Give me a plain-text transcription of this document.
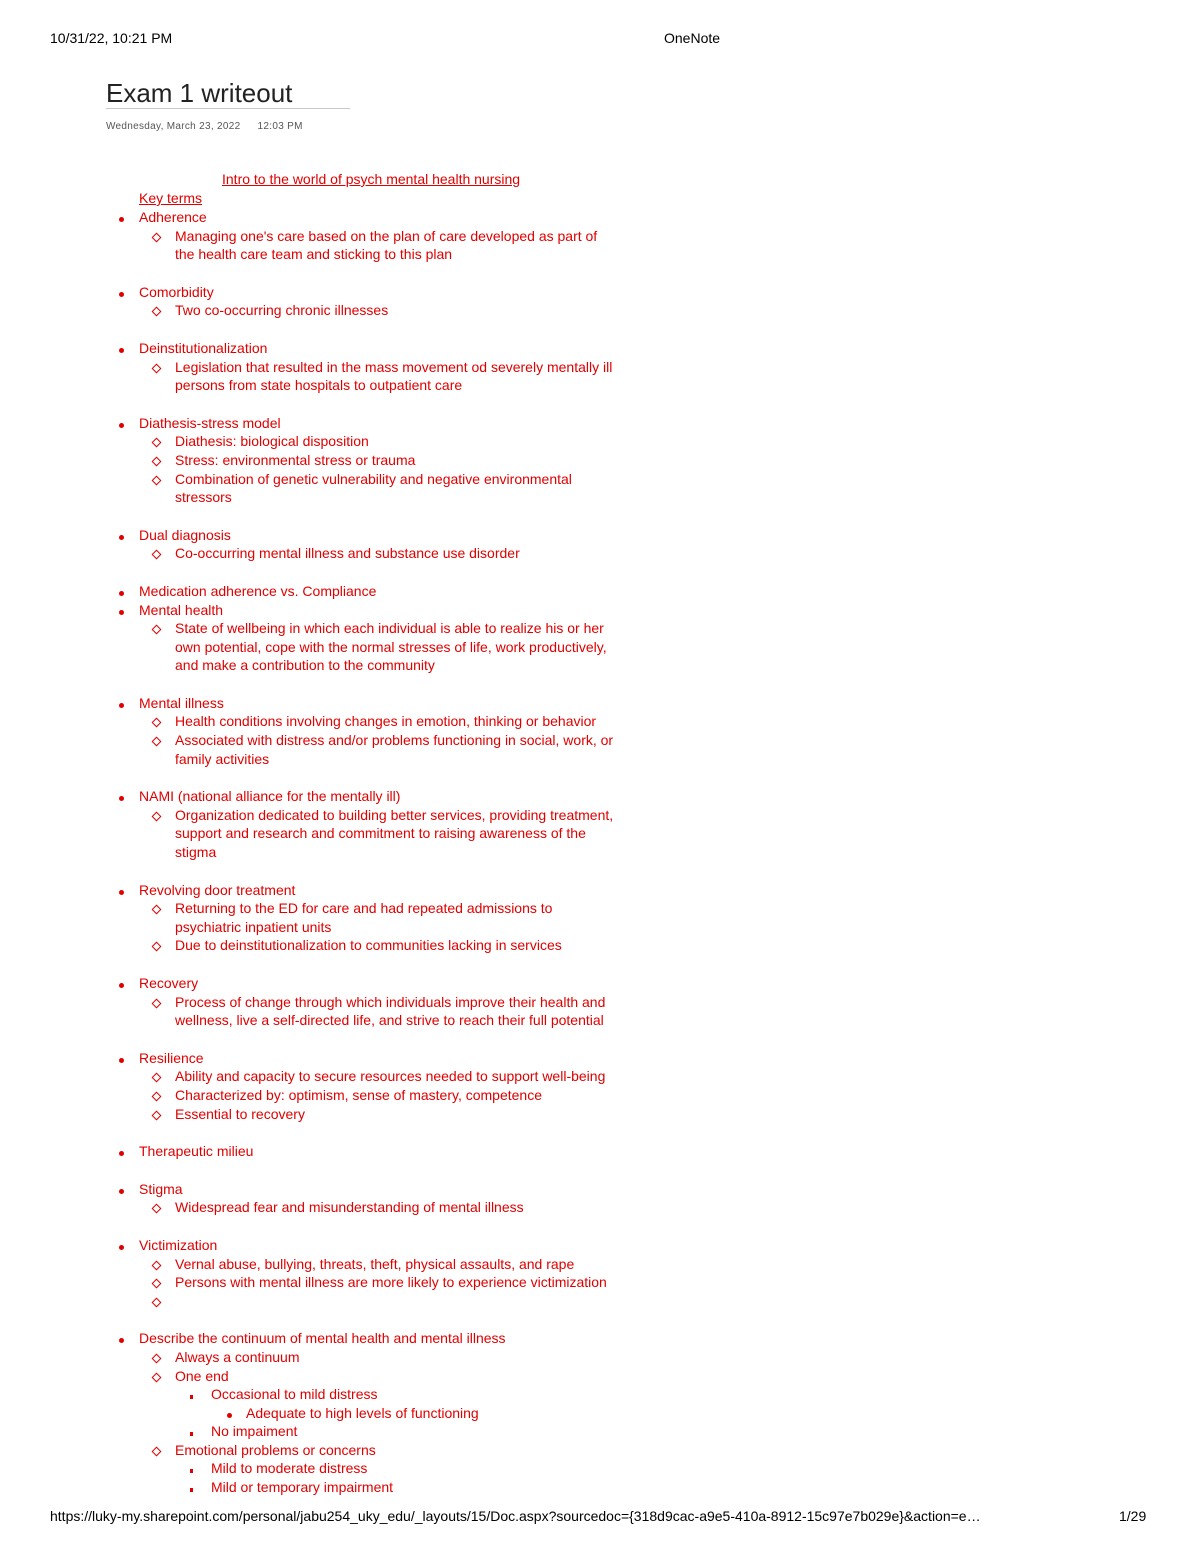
10/31/22, 10:21 PM	OneNote
Exam 1 writeout
Wednesday, March 23, 2022 12:03 PM
Intro to the world of psych mental health nursing
Key terms
Adherence
Managing one's care based on the plan of care developed as part of
the health care team and sticking to this plan
Comorbidity
Two co-occurring chronic illnesses
Deinstitutionalization
Legislation that resulted in the mass movement od severely mentally ill
persons from state hospitals to outpatient care
Diathesis-stress model
Diathesis: biological disposition
Stress: environmental stress or trauma
Combination of genetic vulnerability and negative environmental
stressors
Dual diagnosis
Co-occurring mental illness and substance use disorder
Medication adherence vs. Compliance
Mental health
State of wellbeing in which each individual is able to realize his or her
own potential, cope with the normal stresses of life, work productively,
and make a contribution to the community
Mental illness
Health conditions involving changes in emotion, thinking or behavior
Associated with distress and/or problems functioning in social, work, or
family activities
NAMI (national alliance for the mentally ill)
Organization dedicated to building better services, providing treatment,
support and research and commitment to raising awareness of the
stigma
Revolving door treatment
Returning to the ED for care and had repeated admissions to
psychiatric inpatient units
Due to deinstitutionalization to communities lacking in services
Recovery
Process of change through which individuals improve their health and
wellness, live a self-directed life, and strive to reach their full potential
Resilience
Ability and capacity to secure resources needed to support well-being
Characterized by: optimism, sense of mastery, competence
Essential to recovery
Therapeutic milieu
Stigma
Widespread fear and misunderstanding of mental illness
Victimization
Vernal abuse, bullying, threats, theft, physical assaults, and rape
Persons with mental illness are more likely to experience victimization
Describe the continuum of mental health and mental illness
Always a continuum
One end
Occasional to mild distress
Adequate to high levels of functioning
No impaiment
Emotional problems or concerns
Mild to moderate distress
Mild or temporary impairment
https://luky-my.sharepoint.com/personal/jabu254_uky_edu/_layouts/15/Doc.aspx?sourcedoc={318d9cac-a9e5-410a-8912-15c97e7b029e}&action=e…	1/29
